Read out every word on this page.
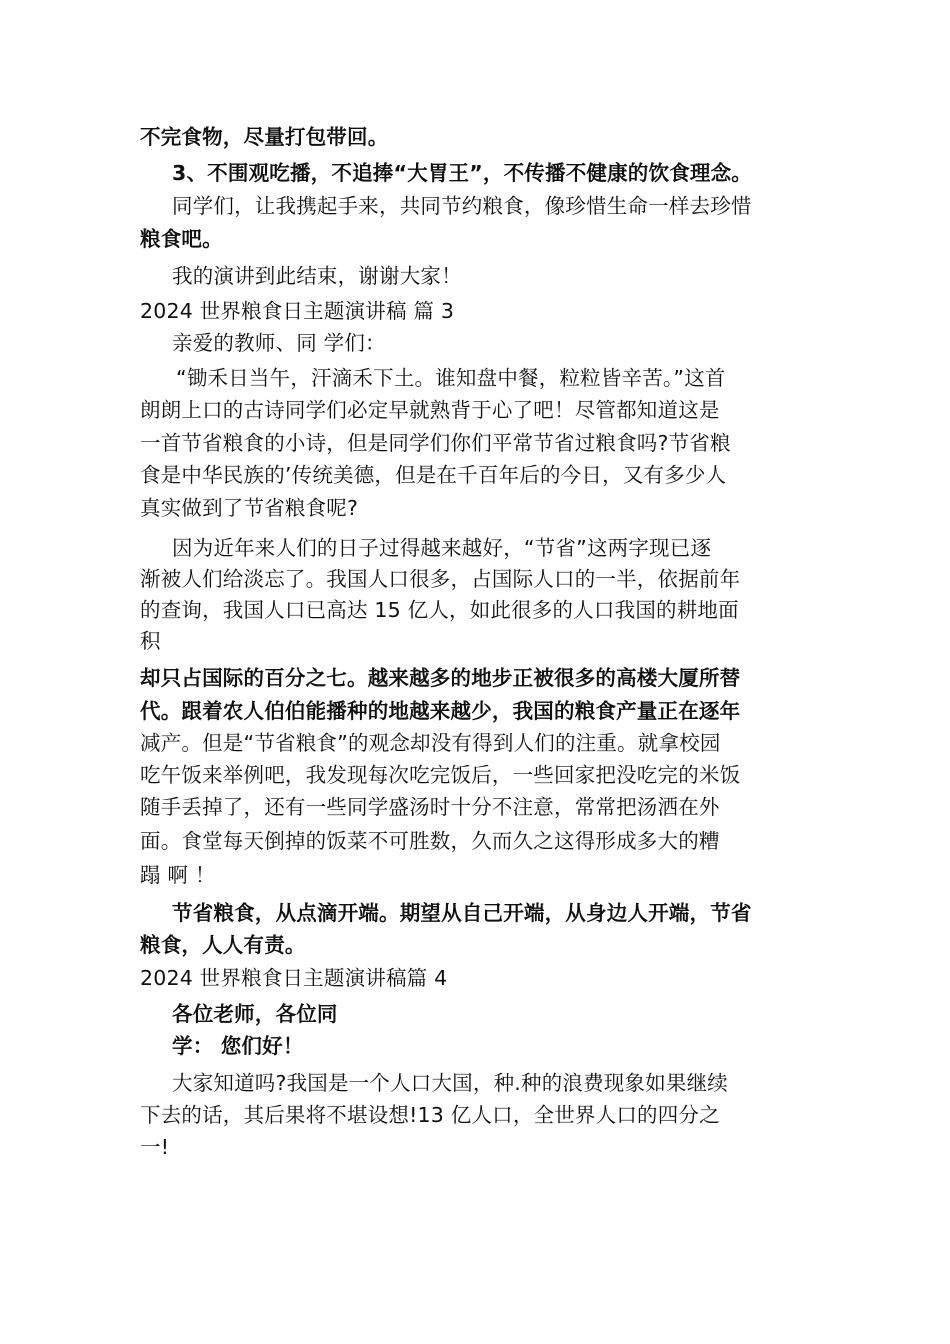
不完食物，尽量打包带回。

3、不围观吃播，不追捧“大胃王”，不传播不健康的饮食理念。

同学们，让我携起手来，共同节约粮食，像珍惜生命一样去珍惜

粮食吧。

我的演讲到此结束，谢谢大家！

2024 世界粮食日主题演讲稿 篇 3

亲爱的教师、同 学们：

“锄禾日当午，汗滴禾下土。谁知盘中餐，粒粒皆辛苦。”这首

朗朗上口的古诗同学们必定早就熟背于心了吧！尽管都知道这是

一首节省粮食的小诗，但是同学们你们平常节省过粮食吗?节省粮

食是中华民族的’传统美德，但是在千百年后的今日，又有多少人

真实做到了节省粮食呢?

因为近年来人们的日子过得越来越好，“节省”这两字现已逐

渐被人们给淡忘了。我国人口很多，占国际人口的一半，依据前年

的查询，我国人口已高达 15 亿人，如此很多的人口我国的耕地面

积

却只占国际的百分之七。越来越多的地步正被很多的高楼大厦所替

代。跟着农人伯伯能播种的地越来越少，我国的粮食产量正在逐年

减产。但是“节省粮食”的观念却没有得到人们的注重。就拿校园

吃午饭来举例吧，我发现每次吃完饭后，一些回家把没吃完的米饭

随手丢掉了，还有一些同学盛汤时十分不注意，常常把汤洒在外

面。食堂每天倒掉的饭菜不可胜数，久而久之这得形成多大的糟

蹋 啊 ！

节省粮食，从点滴开端。期望从自己开端，从身边人开端，节省

粮食，人人有责。

2024 世界粮食日主题演讲稿篇 4

各位老师，各位同

学： 您们好！

大家知道吗?我国是一个人口大国，种.种的浪费现象如果继续

下去的话，其后果将不堪设想!13 亿人口，全世界人口的四分之

一!
